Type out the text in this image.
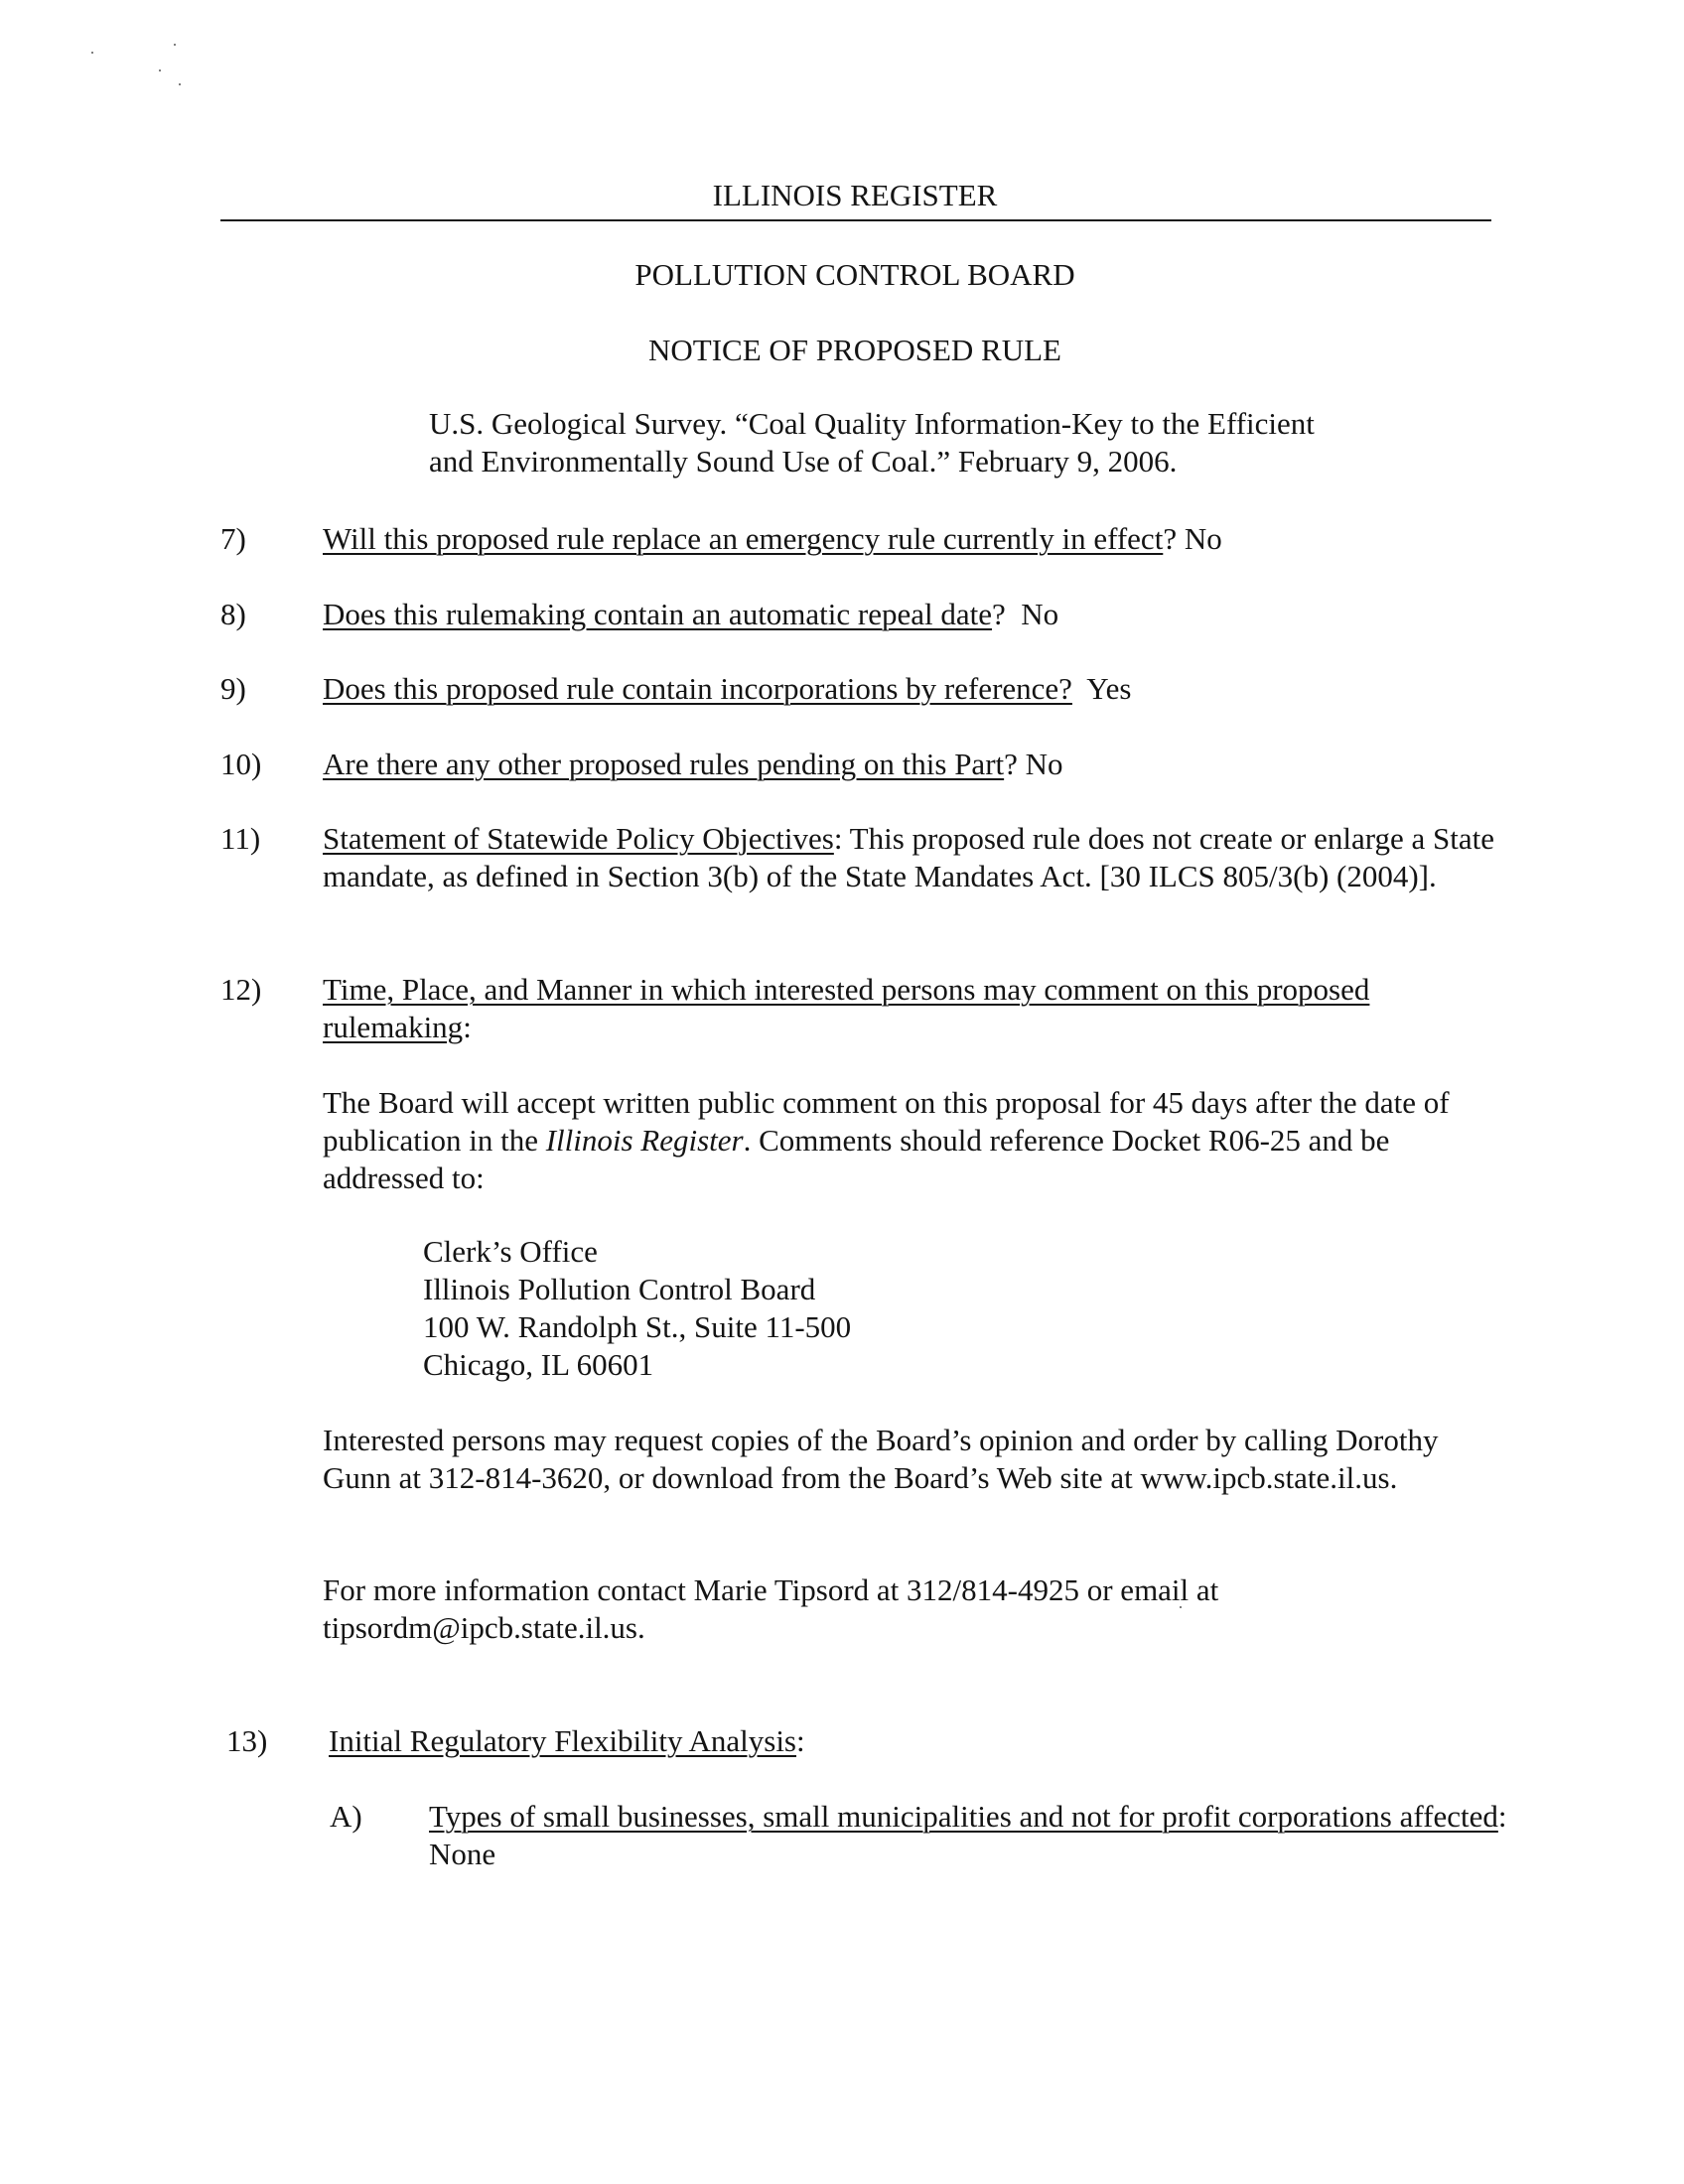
ILLINOIS REGISTER
POLLUTION CONTROL BOARD
NOTICE OF PROPOSED RULE
U.S. Geological Survey. “Coal Quality Information-Key to the Efficient
and Environmentally Sound Use of Coal.” February 9, 2006.
7)	Will this proposed rule replace an emergency rule currently in effect? No
8)	Does this rulemaking contain an automatic repeal date?  No
9)	Does this proposed rule contain incorporations by reference?  Yes
10)	Are there any other proposed rules pending on this Part? No
11)	Statement of Statewide Policy Objectives: This proposed rule does not create or enlarge a State mandate, as defined in Section 3(b) of the State Mandates Act. [30 ILCS 805/3(b) (2004)].
12)	Time, Place, and Manner in which interested persons may comment on this proposed rulemaking:
The Board will accept written public comment on this proposal for 45 days after the date of publication in the Illinois Register. Comments should reference Docket R06-25 and be addressed to:
Clerk’s Office
Illinois Pollution Control Board
100 W. Randolph St., Suite 11-500
Chicago, IL 60601
Interested persons may request copies of the Board’s opinion and order by calling Dorothy Gunn at 312-814-3620, or download from the Board’s Web site at www.ipcb.state.il.us.
For more information contact Marie Tipsord at 312/814-4925 or email at tipsordm@ipcb.state.il.us.
13)	Initial Regulatory Flexibility Analysis:
A)	Types of small businesses, small municipalities and not for profit corporations affected:  None
